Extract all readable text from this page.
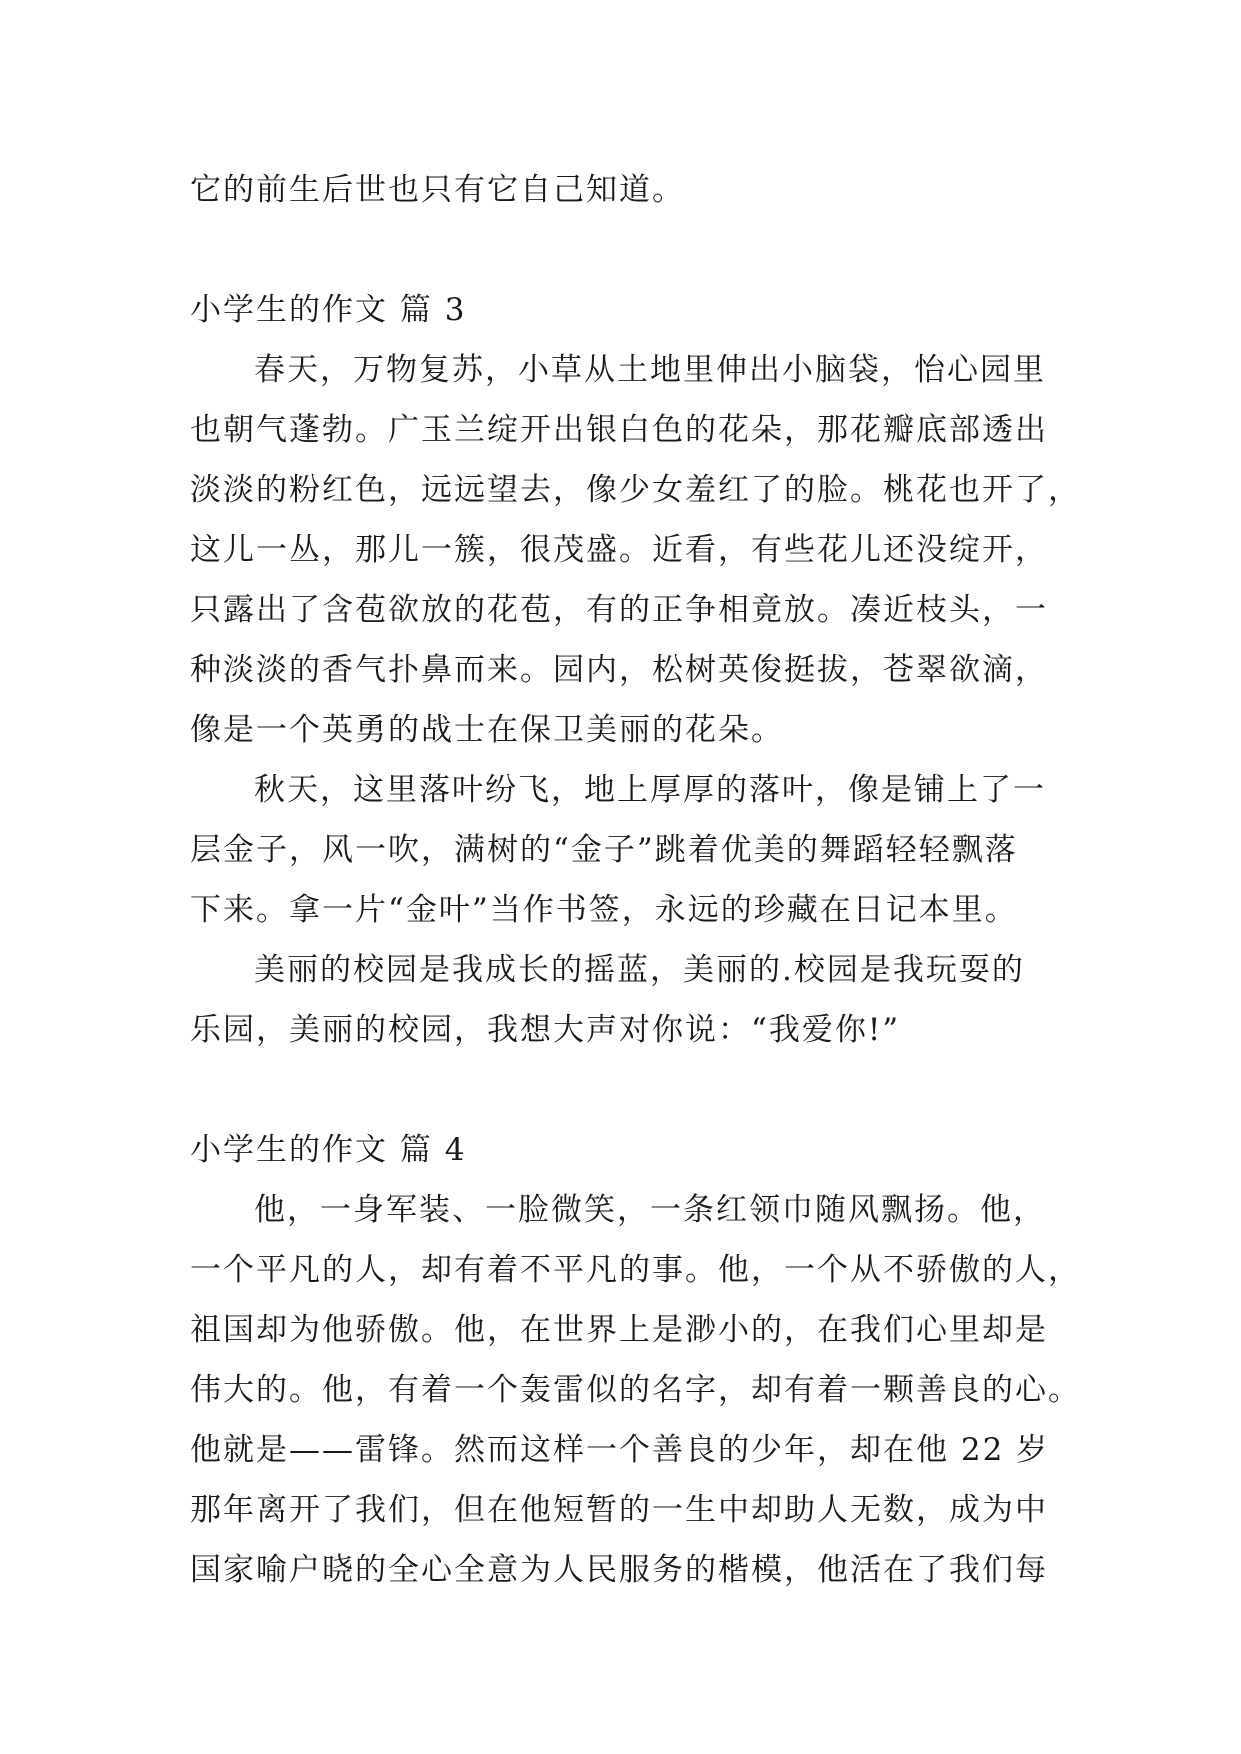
它的前生后世也只有它自己知道。
小学生的作文 篇 3
春天，万物复苏，小草从土地里伸出小脑袋，怡心园里
也朝气蓬勃。广玉兰绽开出银白色的花朵，那花瓣底部透出
淡淡的粉红色，远远望去，像少女羞红了的脸。桃花也开了，
这儿一丛，那儿一簇，很茂盛。近看，有些花儿还没绽开，
只露出了含苞欲放的花苞，有的正争相竟放。凑近枝头，一
种淡淡的香气扑鼻而来。园内，松树英俊挺拔，苍翠欲滴，
像是一个英勇的战士在保卫美丽的花朵。
秋天，这里落叶纷飞，地上厚厚的落叶，像是铺上了一
层金子，风一吹，满树的“金子”跳着优美的舞蹈轻轻飘落
下来。拿一片“金叶”当作书签，永远的珍藏在日记本里。
美丽的校园是我成长的摇蓝，美丽的.校园是我玩耍的
乐园，美丽的校园，我想大声对你说：“我爱你!”
小学生的作文 篇 4
他，一身军装、一脸微笑，一条红领巾随风飘扬。他，
一个平凡的人，却有着不平凡的事。他，一个从不骄傲的人，
祖国却为他骄傲。他，在世界上是渺小的，在我们心里却是
伟大的。他，有着一个轰雷似的名字，却有着一颗善良的心。
他就是——雷锋。然而这样一个善良的少年，却在他 22 岁
那年离开了我们，但在他短暂的一生中却助人无数，成为中
国家喻户晓的全心全意为人民服务的楷模，他活在了我们每
